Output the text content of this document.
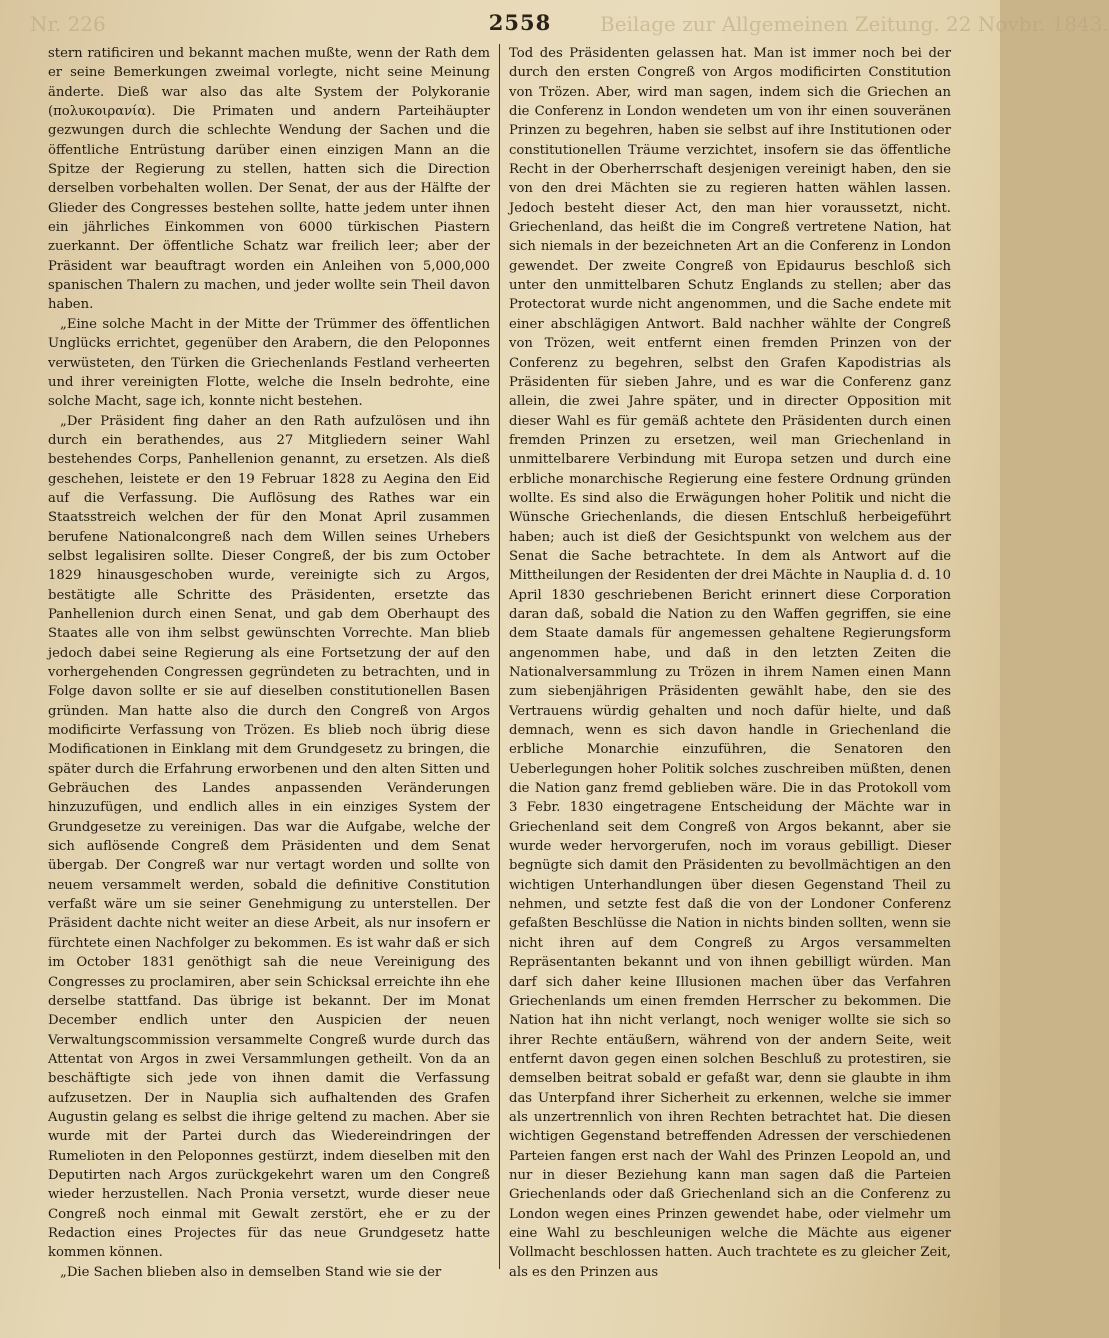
Nr. 226	2558	Beilage zur Allgemeinen Zeitung. 22 Novbr. 1843.

stern ratificiren und bekannt machen mußte, wenn der Rath dem er seine Bemerkungen zweimal vorlegte, nicht seine Meinung änderte. Dieß war also das alte System der Polykoranie (πολυκοιρανία). Die Primaten und andern Parteihäupter gezwungen durch die schlechte Wendung der Sachen und die öffentliche Entrüstung darüber einen einzigen Mann an die Spitze der Regierung zu stellen, hatten sich die Direction derselben vorbehalten wollen. Der Senat, der aus der Hälfte der Glieder des Congresses bestehen sollte, hatte jedem unter ihnen ein jährliches Einkommen von 6000 türkischen Piastern zuerkannt. Der öffentliche Schatz war freilich leer; aber der Präsident war beauftragt worden ein Anleihen von 5,000,000 spanischen Thalern zu machen, und jeder wollte sein Theil davon haben.

„Eine solche Macht in der Mitte der Trümmer des öffentlichen Unglücks errichtet, gegenüber den Arabern, die den Peloponnes verwüsteten, den Türken die Griechenlands Festland verheerten und ihrer vereinigten Flotte, welche die Inseln bedrohte, eine solche Macht, sage ich, konnte nicht bestehen.

„Der Präsident fing daher an den Rath aufzulösen und ihn durch ein berathendes, aus 27 Mitgliedern seiner Wahl bestehendes Corps, Panhellenion genannt, zu ersetzen. Als dieß geschehen, leistete er den 19 Februar 1828 zu Aegina den Eid auf die Verfassung. Die Auflösung des Rathes war ein Staatsstreich welchen der für den Monat April zusammen berufene Nationalcongreß nach dem Willen seines Urhebers selbst legalisiren sollte. Dieser Congreß, der bis zum October 1829 hinausgeschoben wurde, vereinigte sich zu Argos, bestätigte alle Schritte des Präsidenten, ersetzte das Panhellenion durch einen Senat, und gab dem Oberhaupt des Staates alle von ihm selbst gewünschten Vorrechte. Man blieb jedoch dabei seine Regierung als eine Fortsetzung der auf den vorhergehenden Congressen gegründeten zu betrachten, und in Folge davon sollte er sie auf dieselben constitutionellen Basen gründen. Man hatte also die durch den Congreß von Argos modificirte Verfassung von Trözen. Es blieb noch übrig diese Modificationen in Einklang mit dem Grundgesetz zu bringen, die später durch die Erfahrung erworbenen und den alten Sitten und Gebräuchen des Landes anpassenden Veränderungen hinzuzufügen, und endlich alles in ein einziges System der Grundgesetze zu vereinigen. Das war die Aufgabe, welche der sich auflösende Congreß dem Präsidenten und dem Senat übergab. Der Congreß war nur vertagt worden und sollte von neuem versammelt werden, sobald die definitive Constitution verfaßt wäre um sie seiner Genehmigung zu unterstellen. Der Präsident dachte nicht weiter an diese Arbeit, als nur insofern er fürchtete einen Nachfolger zu bekommen. Es ist wahr daß er sich im October 1831 genöthigt sah die neue Vereinigung des Congresses zu proclamiren, aber sein Schicksal erreichte ihn ehe derselbe stattfand. Das übrige ist bekannt. Der im Monat December endlich unter den Auspicien der neuen Verwaltungscommission versammelte Congreß wurde durch das Attentat von Argos in zwei Versammlungen getheilt. Von da an beschäftigte sich jede von ihnen damit die Verfassung aufzusetzen. Der in Nauplia sich aufhaltenden des Grafen Augustin gelang es selbst die ihrige geltend zu machen. Aber sie wurde mit der Partei durch das Wiedereindringen der Rumelioten in den Peloponnes gestürzt, indem dieselben mit den Deputirten nach Argos zurückgekehrt waren um den Congreß wieder herzustellen. Nach Pronia versetzt, wurde dieser neue Congreß noch einmal mit Gewalt zerstört, ehe er zu der Redaction eines Projectes für das neue Grundgesetz hatte kommen können.

„Die Sachen blieben also in demselben Stand wie sie der

Tod des Präsidenten gelassen hat. Man ist immer noch bei der durch den ersten Congreß von Argos modificirten Constitution von Trözen. Aber, wird man sagen, indem sich die Griechen an die Conferenz in London wendeten um von ihr einen souveränen Prinzen zu begehren, haben sie selbst auf ihre Institutionen oder constitutionellen Träume verzichtet, insofern sie das öffentliche Recht in der Oberherrschaft desjenigen vereinigt haben, den sie von den drei Mächten sie zu regieren hatten wählen lassen. Jedoch besteht dieser Act, den man hier voraussetzt, nicht. Griechenland, das heißt die im Congreß vertretene Nation, hat sich niemals in der bezeichneten Art an die Conferenz in London gewendet. Der zweite Congreß von Epidaurus beschloß sich unter den unmittelbaren Schutz Englands zu stellen; aber das Protectorat wurde nicht angenommen, und die Sache endete mit einer abschlägigen Antwort. Bald nachher wählte der Congreß von Trözen, weit entfernt einen fremden Prinzen von der Conferenz zu begehren, selbst den Grafen Kapodistrias als Präsidenten für sieben Jahre, und es war die Conferenz ganz allein, die zwei Jahre später, und in directer Opposition mit dieser Wahl es für gemäß achtete den Präsidenten durch einen fremden Prinzen zu ersetzen, weil man Griechenland in unmittelbarere Verbindung mit Europa setzen und durch eine erbliche monarchische Regierung eine festere Ordnung gründen wollte. Es sind also die Erwägungen hoher Politik und nicht die Wünsche Griechenlands, die diesen Entschluß herbeigeführt haben; auch ist dieß der Gesichtspunkt von welchem aus der Senat die Sache betrachtete. In dem als Antwort auf die Mittheilungen der Residenten der drei Mächte in Nauplia d. d. 10 April 1830 geschriebenen Bericht erinnert diese Corporation daran daß, sobald die Nation zu den Waffen gegriffen, sie eine dem Staate damals für angemessen gehaltene Regierungsform angenommen habe, und daß in den letzten Zeiten die Nationalversammlung zu Trözen in ihrem Namen einen Mann zum siebenjährigen Präsidenten gewählt habe, den sie des Vertrauens würdig gehalten und noch dafür hielte, und daß demnach, wenn es sich davon handle in Griechenland die erbliche Monarchie einzuführen, die Senatoren den Ueberlegungen hoher Politik solches zuschreiben müßten, denen die Nation ganz fremd geblieben wäre. Die in das Protokoll vom 3 Febr. 1830 eingetragene Entscheidung der Mächte war in Griechenland seit dem Congreß von Argos bekannt, aber sie wurde weder hervorgerufen, noch im voraus gebilligt. Dieser begnügte sich damit den Präsidenten zu bevollmächtigen an den wichtigen Unterhandlungen über diesen Gegenstand Theil zu nehmen, und setzte fest daß die von der Londoner Conferenz gefaßten Beschlüsse die Nation in nichts binden sollten, wenn sie nicht ihren auf dem Congreß zu Argos versammelten Repräsentanten bekannt und von ihnen gebilligt würden. Man darf sich daher keine Illusionen machen über das Verfahren Griechenlands um einen fremden Herrscher zu bekommen. Die Nation hat ihn nicht verlangt, noch weniger wollte sie sich so ihrer Rechte entäußern, während von der andern Seite, weit entfernt davon gegen einen solchen Beschluß zu protestiren, sie demselben beitrat sobald er gefaßt war, denn sie glaubte in ihm das Unterpfand ihrer Sicherheit zu erkennen, welche sie immer als unzertrennlich von ihren Rechten betrachtet hat. Die diesen wichtigen Gegenstand betreffenden Adressen der verschiedenen Parteien fangen erst nach der Wahl des Prinzen Leopold an, und nur in dieser Beziehung kann man sagen daß die Parteien Griechenlands oder daß Griechenland sich an die Conferenz zu London wegen eines Prinzen gewendet habe, oder vielmehr um eine Wahl zu beschleunigen welche die Mächte aus eigener Vollmacht beschlossen hatten. Auch trachtete es zu gleicher Zeit, als es den Prinzen aus
